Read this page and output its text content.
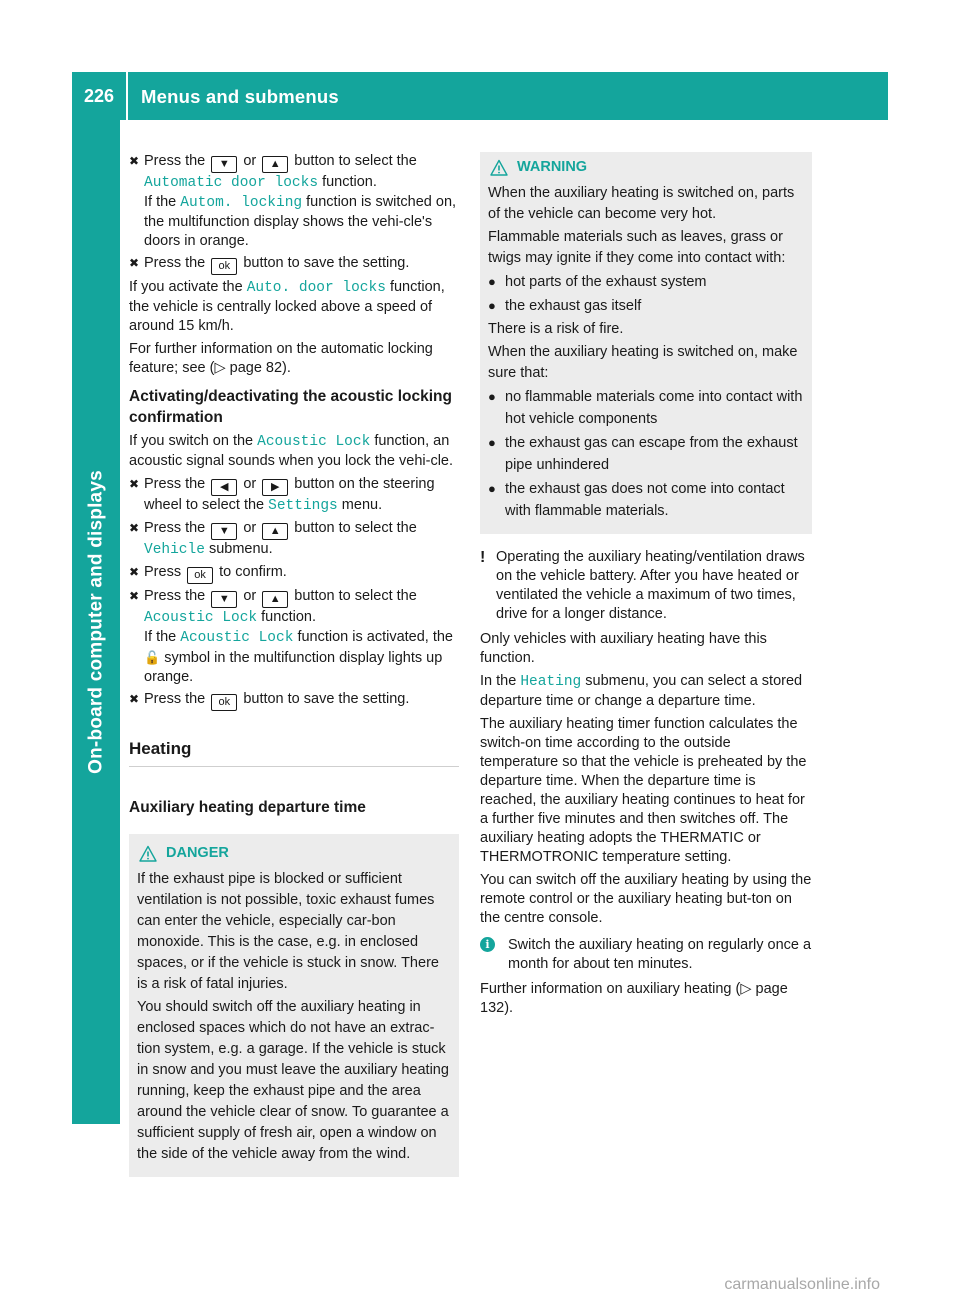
226	Menus and submenus
On-board computer and displays
✖ Press the ▼ or ▲ button to select the Automatic door locks function.
If the Autom. locking function is switched on, the multifunction display shows the vehi-cle's doors in orange.
✖ Press the ok button to save the setting.

If you activate the Auto. door locks function, the vehicle is centrally locked above a speed of around 15 km/h.

For further information on the automatic locking feature; see (▷ page 82).

Activating/deactivating the acoustic locking confirmation

If you switch on the Acoustic Lock function, an acoustic signal sounds when you lock the vehi-cle.

✖ Press the ◀ or ▶ button on the steering wheel to select the Settings menu.
✖ Press the ▼ or ▲ button to select the Vehicle submenu.
✖ Press ok to confirm.
✖ Press the ▼ or ▲ button to select the Acoustic Lock function.
If the Acoustic Lock function is activated, the 🔓 symbol in the multifunction display lights up orange.
✖ Press the ok button to save the setting.
Heating
Auxiliary heating departure time
DANGER

If the exhaust pipe is blocked or sufficient ventilation is not possible, toxic exhaust fumes can enter the vehicle, especially car-bon monoxide. This is the case, e.g. in enclosed spaces, or if the vehicle is stuck in snow. There is a risk of fatal injuries.

You should switch off the auxiliary heating in enclosed spaces which do not have an extrac-tion system, e.g. a garage. If the vehicle is stuck in snow and you must leave the auxiliary heating running, keep the exhaust pipe and the area around the vehicle clear of snow. To guarantee a sufficient supply of fresh air, open a window on the side of the vehicle away from the wind.

WARNING

When the auxiliary heating is switched on, parts of the vehicle can become very hot.

Flammable materials such as leaves, grass or twigs may ignite if they come into contact with:

● hot parts of the exhaust system
● the exhaust gas itself

There is a risk of fire.

When the auxiliary heating is switched on, make sure that:

● no flammable materials come into contact with hot vehicle components
● the exhaust gas can escape from the exhaust pipe unhindered
● the exhaust gas does not come into contact with flammable materials.
! Operating the auxiliary heating/ventilation draws on the vehicle battery. After you have heated or ventilated the vehicle a maximum of two times, drive for a longer distance.

Only vehicles with auxiliary heating have this function.

In the Heating submenu, you can select a stored departure time or change a departure time.

The auxiliary heating timer function calculates the switch-on time according to the outside temperature so that the vehicle is preheated by the departure time. When the departure time is reached, the auxiliary heating continues to heat for a further five minutes and then switches off. The auxiliary heating adopts the THERMATIC or THERMOTRONIC temperature setting.

You can switch off the auxiliary heating by using the remote control or the auxiliary heating but-ton on the centre console.

i	Switch the auxiliary heating on regularly once a month for about ten minutes.

Further information on auxiliary heating (▷ page 132).

carmanualsonline.info
